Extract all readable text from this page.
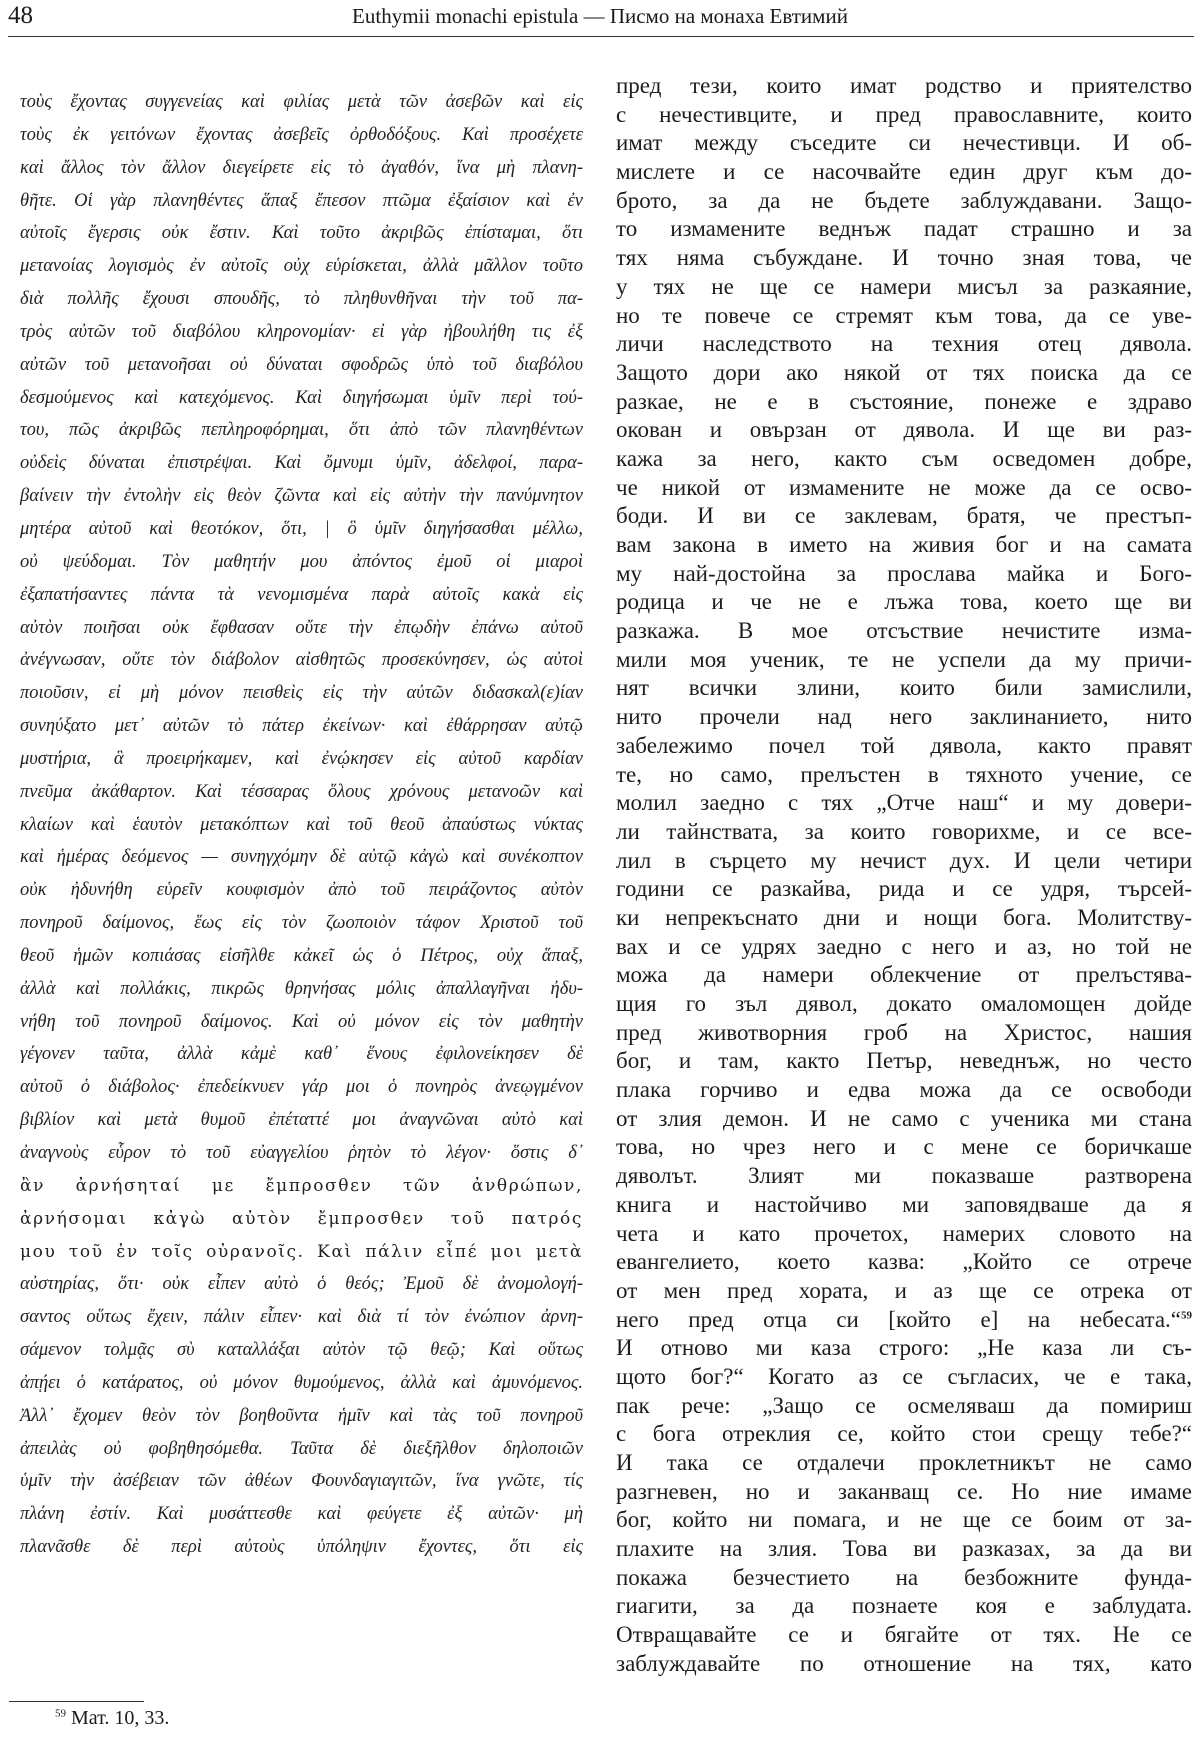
48	Euthymii monachi epistula — Писмо на монаха Евтимий
τοὺς ἔχοντας συγγενείας καὶ φιλίας μετὰ τῶν ἀσεβῶν καὶ εἰς
τοὺς ἐκ γειτόνων ἔχοντας ἀσεβεῖς ὀρθοδόξους. Καὶ προσέχετε
καὶ ἄλλος τὸν ἄλλον διεγείρετε εἰς τὸ ἀγαθόν, ἵνα μὴ πλανη-
θῆτε. Οἱ γὰρ πλανηθέντες ἅπαξ ἔπεσον πτῶμα ἐξαίσιον καὶ ἐν
αὐτοῖς ἔγερσις οὐκ ἔστιν. Καὶ τοῦτο ἀκριβῶς ἐπίσταμαι, ὅτι
μετανοίας λογισμὸς ἐν αὐτοῖς οὐχ εὑρίσκεται, ἀλλὰ μᾶλλον τοῦτο
διὰ πολλῆς ἔχουσι σπουδῆς, τὸ πληθυνθῆναι τὴν τοῦ πα-
τρὸς αὐτῶν τοῦ διαβόλου κληρονομίαν· εἰ γὰρ ἠβουλήθη τις ἐξ
αὐτῶν τοῦ μετανοῆσαι οὐ δύναται σφοδρῶς ὑπὸ τοῦ διαβόλου
δεσμούμενος καὶ κατεχόμενος. Καὶ διηγήσωμαι ὑμῖν περὶ τού-
του, πῶς ἀκριβῶς πεπληροφόρημαι, ὅτι ἀπὸ τῶν πλανηθέντων
οὐδεὶς δύναται ἐπιστρέψαι. Καὶ ὄμνυμι ὑμῖν, ἀδελφοί, παρα-
βαίνειν τὴν ἐντολὴν εἰς θεὸν ζῶντα καὶ εἰς αὐτὴν τὴν πανύμνητον
μητέρα αὐτοῦ καὶ θεοτόκον, ὅτι, | ὃ ὑμῖν διηγήσασθαι μέλλω,
οὐ ψεύδομαι. Τὸν μαθητήν μου ἀπόντος ἐμοῦ οἱ μιαροὶ
ἐξαπατήσαντες πάντα τὰ νενομισμένα παρὰ αὐτοῖς κακὰ εἰς
αὐτὸν ποιῆσαι οὐκ ἔφθασαν οὔτε τὴν ἐπῳδὴν ἐπάνω αὐτοῦ
ἀνέγνωσαν, οὔτε τὸν διάβολον αἰσθητῶς προσεκύνησεν, ὡς αὐτοὶ
ποιοῦσιν, εἰ μὴ μόνον πεισθεὶς εἰς τὴν αὐτῶν διδασκαλ(ε)ίαν
συνηύξατο μετ᾽ αὐτῶν τὸ πάτερ ἐκείνων· καὶ ἐθάρρησαν αὐτῷ
μυστήρια, ἃ προειρήκαμεν, καὶ ἐνῴκησεν εἰς αὐτοῦ καρδίαν
πνεῦμα ἀκάθαρτον. Καὶ τέσσαρας ὅλους χρόνους μετανοῶν καὶ
κλαίων καὶ ἑαυτὸν μετακόπτων καὶ τοῦ θεοῦ ἀπαύστως νύκτας
καὶ ἡμέρας δεόμενος — συνηγχόμην δὲ αὐτῷ κἀγὼ καὶ συνέκοπτον
οὐκ ἠδυνήθη εὑρεῖν κουφισμὸν ἀπὸ τοῦ πειράζοντος αὐτὸν
πονηροῦ δαίμονος, ἕως εἰς τὸν ζωοποιὸν τάφον Χριστοῦ τοῦ
θεοῦ ἡμῶν κοπιάσας εἰσῆλθε κἀκεῖ ὡς ὁ Πέτρος, οὐχ ἅπαξ,
ἀλλὰ καὶ πολλάκις, πικρῶς θρηνήσας μόλις ἀπαλλαγῆναι ἠδυ-
νήθη τοῦ πονηροῦ δαίμονος. Καὶ οὐ μόνον εἰς τὸν μαθητὴν
γέγονεν ταῦτα, ἀλλὰ κἀμὲ καθ᾽ ἕνους ἐφιλονείκησεν δὲ
αὐτοῦ ὁ διάβολος· ἐπεδείκνυεν γάρ μοι ὁ πονηρὸς ἀνεῳγμένον
βιβλίον καὶ μετὰ θυμοῦ ἐπέταττέ μοι ἀναγνῶναι αὐτὸ καὶ
ἀναγνοὺς εὗρον τὸ τοῦ εὐαγγελίου ῥητὸν τὸ λέγον· ὅστις δ᾽
ἂν ἀρνήσηταί με ἔμπροσθεν τῶν ἀνθρώπων,
ἀρνήσομαι κἀγὼ αὐτὸν ἔμπροσθεν τοῦ πατρός
μου τοῦ ἐν τοῖς οὐρανοῖς. Καὶ πάλιν εἶπέ μοι μετὰ
αὐστηρίας, ὅτι· οὐκ εἶπεν αὐτὸ ὁ θεός; Ἐμοῦ δὲ ἀνομολογή-
σαντος οὕτως ἔχειν, πάλιν εἶπεν· καὶ διὰ τί τὸν ἐνώπιον ἀρνη-
σάμενον τολμᾷς σὺ καταλλάξαι αὐτὸν τῷ θεῷ; Καὶ οὕτως
ἀπῄει ὁ κατάρατος, οὐ μόνον θυμούμενος, ἀλλὰ καὶ ἀμυνόμενος.
Ἀλλ᾽ ἔχομεν θεὸν τὸν βοηθοῦντα ἡμῖν καὶ τὰς τοῦ πονηροῦ
ἀπειλὰς οὐ φοβηθησόμεθα. Ταῦτα δὲ διεξῆλθον δηλοποιῶν
ὑμῖν τὴν ἀσέβειαν τῶν ἀθέων Φουνδαγιαγιτῶν, ἵνα γνῶτε, τίς
πλάνη ἐστίν. Καὶ μυσάττεσθε καὶ φεύγετε ἐξ αὐτῶν· μὴ
πλανᾶσθε δὲ περὶ αὐτοὺς ὑπόληψιν ἔχοντες, ὅτι εἰς
пред тези, които имат родство и приятелство
с нечестивците, и пред православните, които
имат между съседите си нечестивци. И об-
мислете и се насочвайте един друг към до-
брото, за да не бъдете заблуждавани. Защо-
то измамените веднъж падат страшно и за
тях няма събуждане. И точно зная това, че
у тях не ще се намери мисъл за разкаяние,
но те повече се стремят към това, да се уве-
личи наследството на техния отец дявола.
Защото дори ако някой от тях поиска да се
разкае, не е в състояние, понеже е здраво
окован и овързан от дявола. И ще ви раз-
кажа за него, както съм осведомен добре,
че никой от измамените не може да се осво-
боди. И ви се заклевам, братя, че престъп-
вам закона в името на живия бог и на самата
му най-достойна за прослава майка и Бого-
родица и че не е лъжа това, което ще ви
разкажа. В мое отсъствие нечистите изма-
мили моя ученик, те не успели да му причи-
нят всички злини, които били замислили,
нито прочели над него заклинанието, нито
забележимо почел той дявола, както правят
те, но само, прелъстен в тяхното учение, се
молил заедно с тях „Отче наш“ и му довери-
ли тайнствата, за които говорихме, и се все-
лил в сърцето му нечист дух. И цели четири
години се разкайва, рида и се удря, търсей-
ки непрекъснато дни и нощи бога. Молитству-
вах и се удрях заедно с него и аз, но той не
можа да намери облекчение от прелъстява-
щия го зъл дявол, докато омаломощен дойде
пред животворния гроб на Христос, нашия
бог, и там, както Петър, неведнъж, но често
плака горчиво и едва можа да се освободи
от злия демон. И не само с ученика ми стана
това, но чрез него и с мене се боричкаше
дяволът. Злият ми показваше разтворена
книга и настойчиво ми заповядваше да я
чета и като прочетох, намерих словото на
евангелието, което казва: „Който се отрече
от мен пред хората, и аз ще се отрека от
него пред отца си [който е] на небесата.“$^{59}$
И отново ми каза строго: „Не каза ли съ-
щото бог?“ Когато аз се съгласих, че е така,
пак рече: „Защо се осмеляваш да помириш
с бога отреклия се, който стои срещу тебе?“
И така се отдалечи проклетникът не само
разгневен, но и заканващ се. Но ние имаме
бог, който ни помага, и не ще се боим от за-
плахите на злия. Това ви разказах, за да ви
покажа безчестието на безбожните фунда-
гиагити, за да познаете коя е заблудата.
Отвращавайте се и бягайте от тях. Не се
заблуждавайте по отношение на тях, като
$^{59}$ Мат. 10, 33.
